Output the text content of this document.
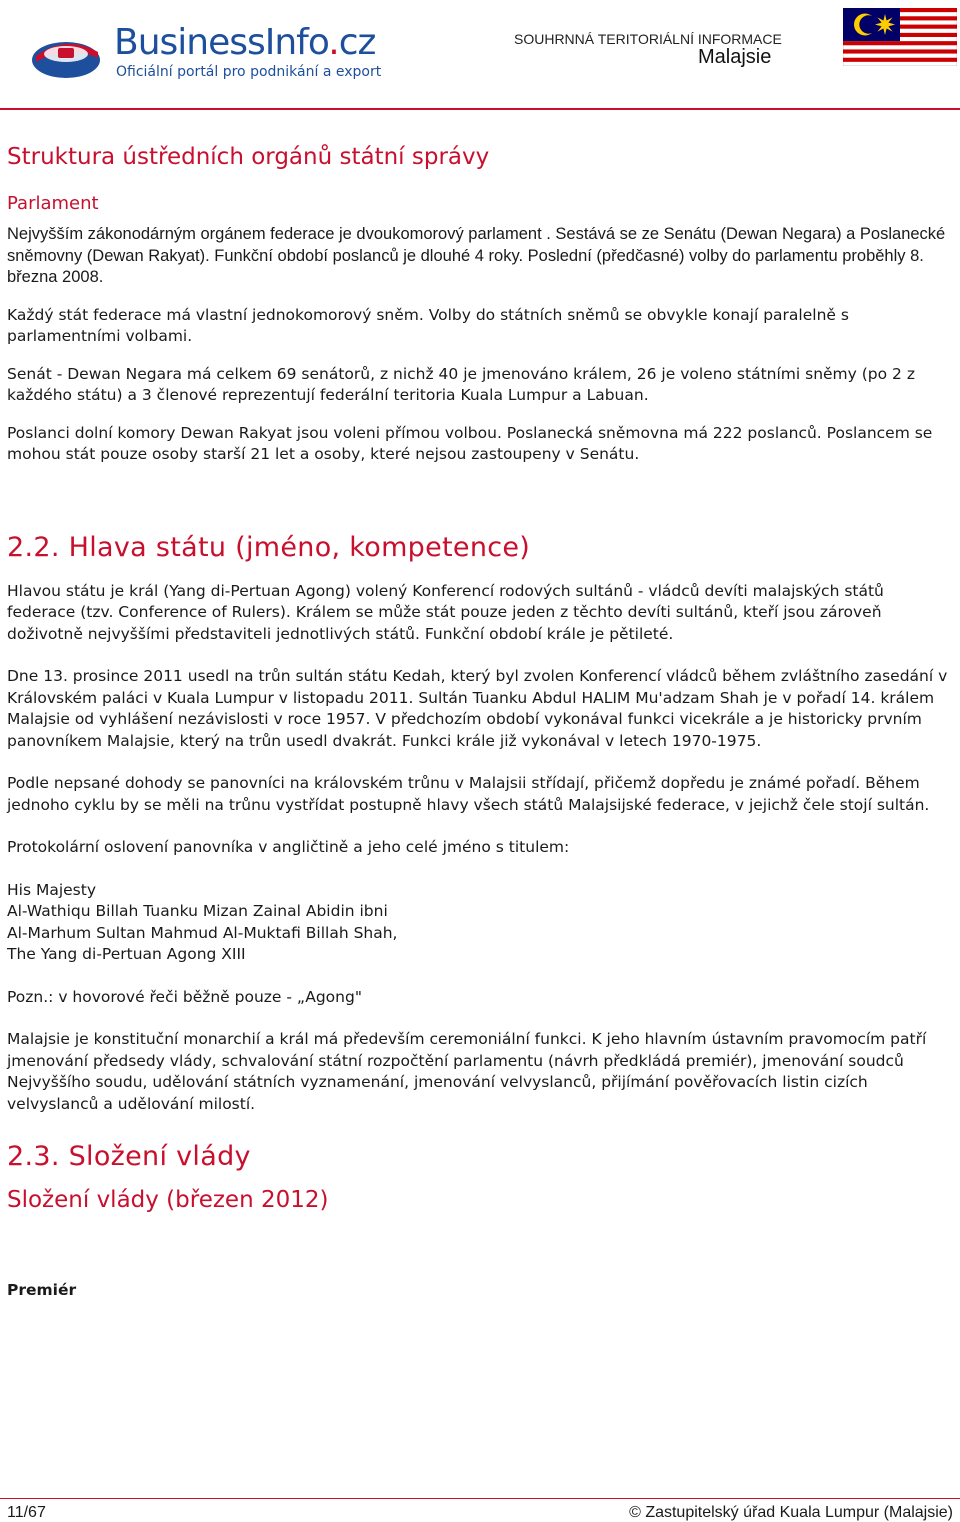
BusinessInfo.cz
Oficiální portál pro podnikání a export
SOUHRNNÁ TERITORIÁLNÍ INFORMACE
Malajsie
Struktura ústředních orgánů státní správy
Parlament

Nejvyšším zákonodárným orgánem federace je dvoukomorový parlament . Sestává se ze Senátu (Dewan Negara) a Poslanecké sněmovny (Dewan Rakyat). Funkční období poslanců je dlouhé 4 roky. Poslední (předčasné) volby do parlamentu proběhly 8. března 2008.

Každý stát federace má vlastní jednokomorový sněm. Volby do státních sněmů se obvykle konají paralelně s parlamentními volbami.

Senát - Dewan Negara má celkem 69 senátorů, z nichž 40 je jmenováno králem, 26 je voleno státními sněmy (po 2 z každého státu) a 3 členové reprezentují federální teritoria Kuala Lumpur a Labuan.

Poslanci dolní komory Dewan Rakyat jsou voleni přímou volbou. Poslanecká sněmovna má 222 poslanců. Poslancem se mohou stát pouze osoby starší 21 let a osoby, které nejsou zastoupeny v Senátu.

2.2. Hlava státu (jméno, kompetence)

Hlavou státu je král (Yang di-Pertuan Agong) volený Konferencí rodových sultánů - vládců devíti malajských států federace (tzv. Conference of Rulers). Králem se může stát pouze jeden z těchto devíti sultánů, kteří jsou zároveň doživotně nejvyššími představiteli jednotlivých států. Funkční období krále je pětileté.

Dne 13. prosince 2011 usedl na trůn sultán státu Kedah, který byl zvolen Konferencí vládců během zvláštního zasedání v Královském paláci v Kuala Lumpur v listopadu 2011. Sultán Tuanku Abdul HALIM Mu'adzam Shah je v pořadí 14. králem Malajsie od vyhlášení nezávislosti v roce 1957. V předchozím období vykonával funkci vicekrále a je historicky prvním panovníkem Malajsie, který na trůn usedl dvakrát. Funkci krále již vykonával v letech 1970-1975.

Podle nepsané dohody se panovníci na královském trůnu v Malajsii střídají, přičemž dopředu je známé pořadí. Během jednoho cyklu by se měli na trůnu vystřídat postupně hlavy všech států Malajsijské federace, v jejichž čele stojí sultán.

Protokolární oslovení panovníka v angličtině a jeho celé jméno s titulem:

His Majesty

Al-Wathiqu Billah Tuanku Mizan Zainal Abidin ibni

Al-Marhum Sultan Mahmud Al-Muktafi Billah Shah,

The Yang di-Pertuan Agong XIII

Pozn.: v hovorové řeči běžně pouze - „Agong"

Malajsie je konstituční monarchií a král má především ceremoniální funkci. K jeho hlavním ústavním pravomocím patří jmenování předsedy vlády, schvalování státní rozpočtění parlamentu (návrh předkládá premiér), jmenování soudců Nejvyššího soudu, udělování státních vyznamenání, jmenování velvyslanců, přijímání pověřovacích listin cizích velvyslanců a udělování milostí.

2.3. Složení vlády
Složení vlády (březen 2012)

Premiér

11/67	© Zastupitelský úřad Kuala Lumpur (Malajsie)
